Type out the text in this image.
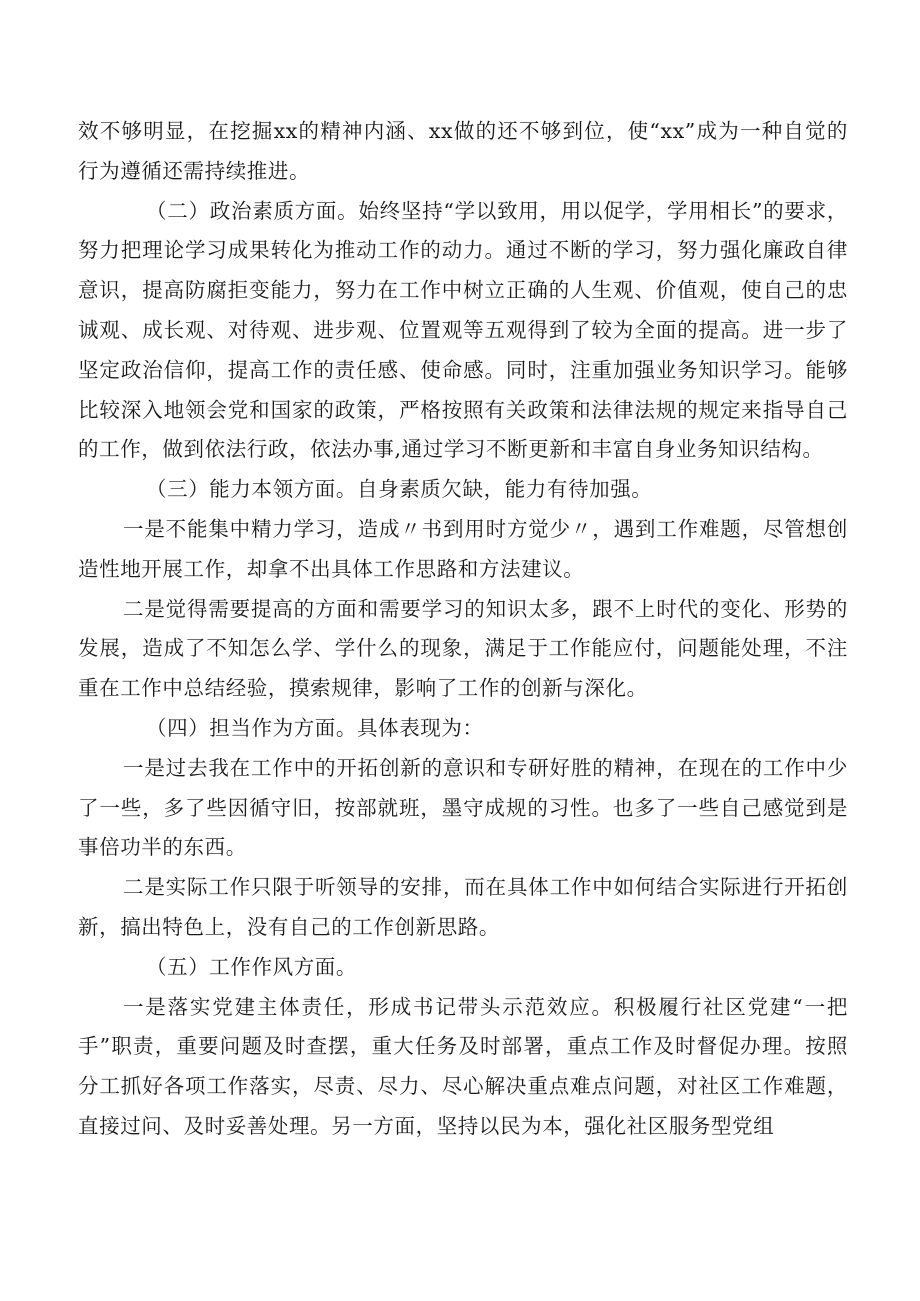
效不够明显，在挖掘xx的精神内涵、xx做的还不够到位，使“xx”成为一种自觉的行为遵循还需持续推进。

（二）政治素质方面。始终坚持“学以致用，用以促学，学用相长”的要求，努力把理论学习成果转化为推动工作的动力。通过不断的学习，努力强化廉政自律意识，提高防腐拒变能力，努力在工作中树立正确的人生观、价值观，使自己的忠诚观、成长观、对待观、进步观、位置观等五观得到了较为全面的提高。进一步了坚定政治信仰，提高工作的责任感、使命感。同时，注重加强业务知识学习。能够比较深入地领会党和国家的政策，严格按照有关政策和法律法规的规定来指导自己的工作，做到依法行政，依法办事,通过学习不断更新和丰富自身业务知识结构。

（三）能力本领方面。自身素质欠缺，能力有待加强。

一是不能集中精力学习，造成〃书到用时方觉少〃，遇到工作难题，尽管想创造性地开展工作，却拿不出具体工作思路和方法建议。

二是觉得需要提高的方面和需要学习的知识太多，跟不上时代的变化、形势的发展，造成了不知怎么学、学什么的现象，满足于工作能应付，问题能处理，不注重在工作中总结经验，摸索规律，影响了工作的创新与深化。

（四）担当作为方面。具体表现为：

一是过去我在工作中的开拓创新的意识和专研好胜的精神，在现在的工作中少了一些，多了些因循守旧，按部就班，墨守成规的习性。也多了一些自己感觉到是事倍功半的东西。

二是实际工作只限于听领导的安排，而在具体工作中如何结合实际进行开拓创新，搞出特色上，没有自己的工作创新思路。

（五）工作作风方面。

一是落实党建主体责任，形成书记带头示范效应。积极履行社区党建“一把手”职责，重要问题及时查摆，重大任务及时部署，重点工作及时督促办理。按照分工抓好各项工作落实，尽责、尽力、尽心解决重点难点问题，对社区工作难题，直接过问、及时妥善处理。另一方面，坚持以民为本，强化社区服务型党组
